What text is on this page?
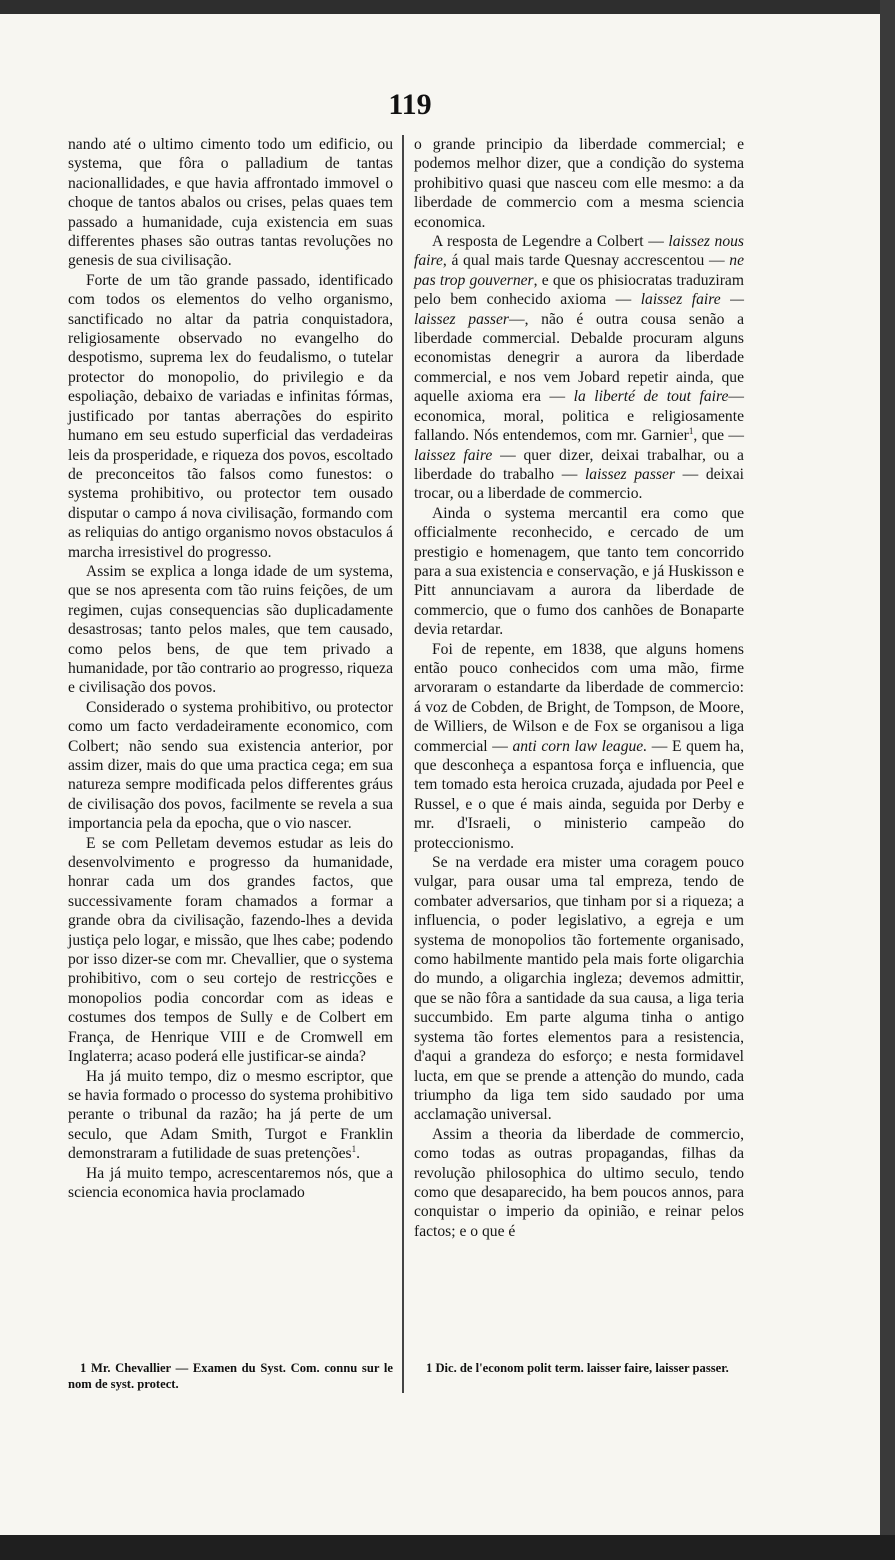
119

nando até o ultimo cimento todo um edificio, ou systema, que fôra o palladium de tantas nacionallidades, e que havia affrontado immovel o choque de tantos abalos ou crises, pelas quaes tem passado a humanidade, cuja existencia em suas differentes phases são outras tantas revoluções no genesis de sua civilisação.

Forte de um tão grande passado, identificado com todos os elementos do velho organismo, sanctificado no altar da patria conquistadora, religiosamente observado no evangelho do despotismo, suprema lex do feudalismo, o tutelar protector do monopolio, do privilegio e da espoliação, debaixo de variadas e infinitas fórmas, justificado por tantas aberrações do espirito humano em seu estudo superficial das verdadeiras leis da prosperidade, e riqueza dos povos, escoltado de preconceitos tão falsos como funestos: o systema prohibitivo, ou protector tem ousado disputar o campo á nova civilisação, formando com as reliquias do antigo organismo novos obstaculos á marcha irresistivel do progresso.

Assim se explica a longa idade de um systema, que se nos apresenta com tão ruins feições, de um regimen, cujas consequencias são duplicadamente desastrosas; tanto pelos males, que tem causado, como pelos bens, de que tem privado a humanidade, por tão contrario ao progresso, riqueza e civilisação dos povos.

Considerado o systema prohibitivo, ou protector como um facto verdadeiramente economico, com Colbert; não sendo sua existencia anterior, por assim dizer, mais do que uma practica cega; em sua natureza sempre modificada pelos differentes gráus de civilisação dos povos, facilmente se revela a sua importancia pela da epocha, que o vio nascer.

E se com Pelletam devemos estudar as leis do desenvolvimento e progresso da humanidade, honrar cada um dos grandes factos, que successivamente foram chamados a formar a grande obra da civilisação, fazendo-lhes a devida justiça pelo logar, e missão, que lhes cabe; podendo por isso dizer-se com mr. Chevallier, que o systema prohibitivo, com o seu cortejo de restricções e monopolios podia concordar com as ideas e costumes dos tempos de Sully e de Colbert em França, de Henrique VIII e de Cromwell em Inglaterra; acaso poderá elle justificar-se ainda?

Ha já muito tempo, diz o mesmo escriptor, que se havia formado o processo do systema prohibitivo perante o tribunal da razão; ha já perte de um seculo, que Adam Smith, Turgot e Franklin demonstraram a futilidade de suas pretenções$^1$.

Ha já muito tempo, acrescentaremos nós, que a sciencia economica havia proclamado

o grande principio da liberdade commercial; e podemos melhor dizer, que a condição do systema prohibitivo quasi que nasceu com elle mesmo: a da liberdade de commercio com a mesma sciencia economica.

A resposta de Legendre a Colbert — laissez nous faire, á qual mais tarde Quesnay accrescentou — ne pas trop gouverner, e que os phisiocratas traduziram pelo bem conhecido axioma — laissez faire — laissez passer—, não é outra cousa senão a liberdade commercial. Debalde procuram alguns economistas denegrir a aurora da liberdade commercial, e nos vem Jobard repetir ainda, que aquelle axioma era — la liberté de tout faire— economica, moral, politica e religiosamente fallando. Nós entendemos, com mr. Garnier$^1$, que — laissez faire — quer dizer, deixai trabalhar, ou a liberdade do trabalho — laissez passer — deixai trocar, ou a liberdade de commercio.

Ainda o systema mercantil era como que officialmente reconhecido, e cercado de um prestigio e homenagem, que tanto tem concorrido para a sua existencia e conservação, e já Huskisson e Pitt annunciavam a aurora da liberdade de commercio, que o fumo dos canhões de Bonaparte devia retardar.

Foi de repente, em 1838, que alguns homens então pouco conhecidos com uma mão, firme arvoraram o estandarte da liberdade de commercio: á voz de Cobden, de Bright, de Tompson, de Moore, de Williers, de Wilson e de Fox se organisou a liga commercial — anti corn law league. — E quem ha, que desconheça a espantosa força e influencia, que tem tomado esta heroica cruzada, ajudada por Peel e Russel, e o que é mais ainda, seguida por Derby e mr. d'Israeli, o ministerio campeão do proteccionismo.

Se na verdade era mister uma coragem pouco vulgar, para ousar uma tal empreza, tendo de combater adversarios, que tinham por si a riqueza; a influencia, o poder legislativo, a egreja e um systema de monopolios tão fortemente organisado, como habilmente mantido pela mais forte oligarchia do mundo, a oligarchia ingleza; devemos admittir, que se não fôra a santidade da sua causa, a liga teria succumbido. Em parte alguma tinha o antigo systema tão fortes elementos para a resistencia, d'aqui a grandeza do esforço; e nesta formidavel lucta, em que se prende a attenção do mundo, cada triumpho da liga tem sido saudado por uma acclamação universal.

Assim a theoria da liberdade de commercio, como todas as outras propagandas, filhas da revolução philosophica do ultimo seculo, tendo como que desaparecido, ha bem poucos annos, para conquistar o imperio da opinião, e reinar pelos factos; e o que é

1 Mr. Chevallier — Examen du Syst. Com. connu sur le nom de syst. protect.
1 Dic. de l'econom polit term. laisser faire, laisser passer.
